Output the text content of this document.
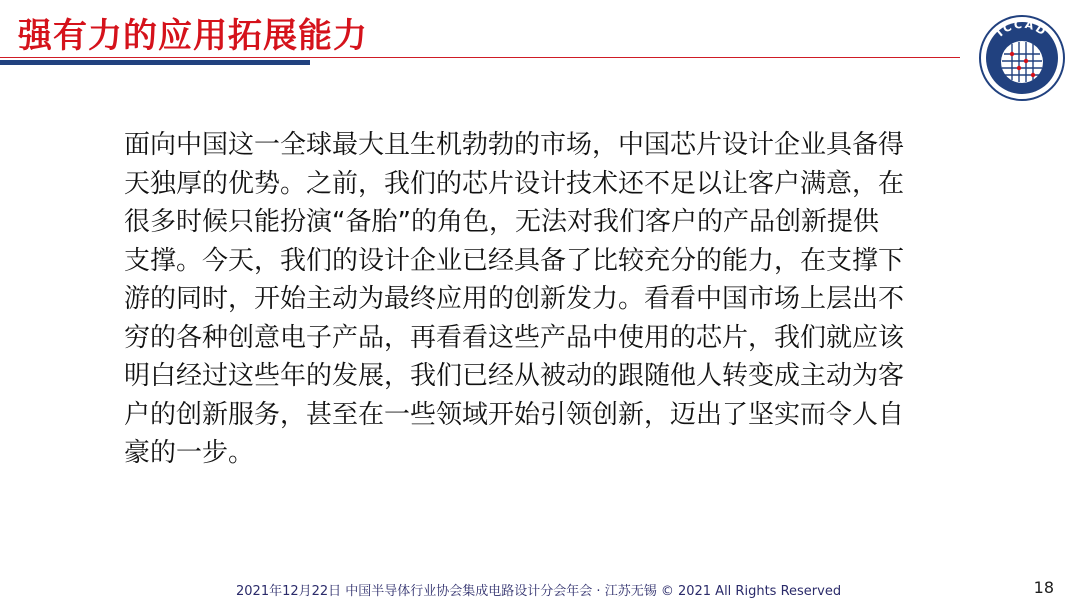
强有力的应用拓展能力	ICCAD
面向中国这一全球最大且生机勃勃的市场，中国芯片设计企业具备得
天独厚的优势。之前，我们的芯片设计技术还不足以让客户满意，在
很多时候只能扮演“备胎”的角色，无法对我们客户的产品创新提供
支撑。今天，我们的设计企业已经具备了比较充分的能力，在支撑下
游的同时，开始主动为最终应用的创新发力。看看中国市场上层出不
穷的各种创意电子产品，再看看这些产品中使用的芯片，我们就应该
明白经过这些年的发展，我们已经从被动的跟随他人转变成主动为客
户的创新服务，甚至在一些领域开始引领创新，迈出了坚实而令人自
豪的一步。
2021年12月22日 中国半导体行业协会集成电路设计分会年会 · 江苏无锡 © 2021 All Rights Reserved	18
